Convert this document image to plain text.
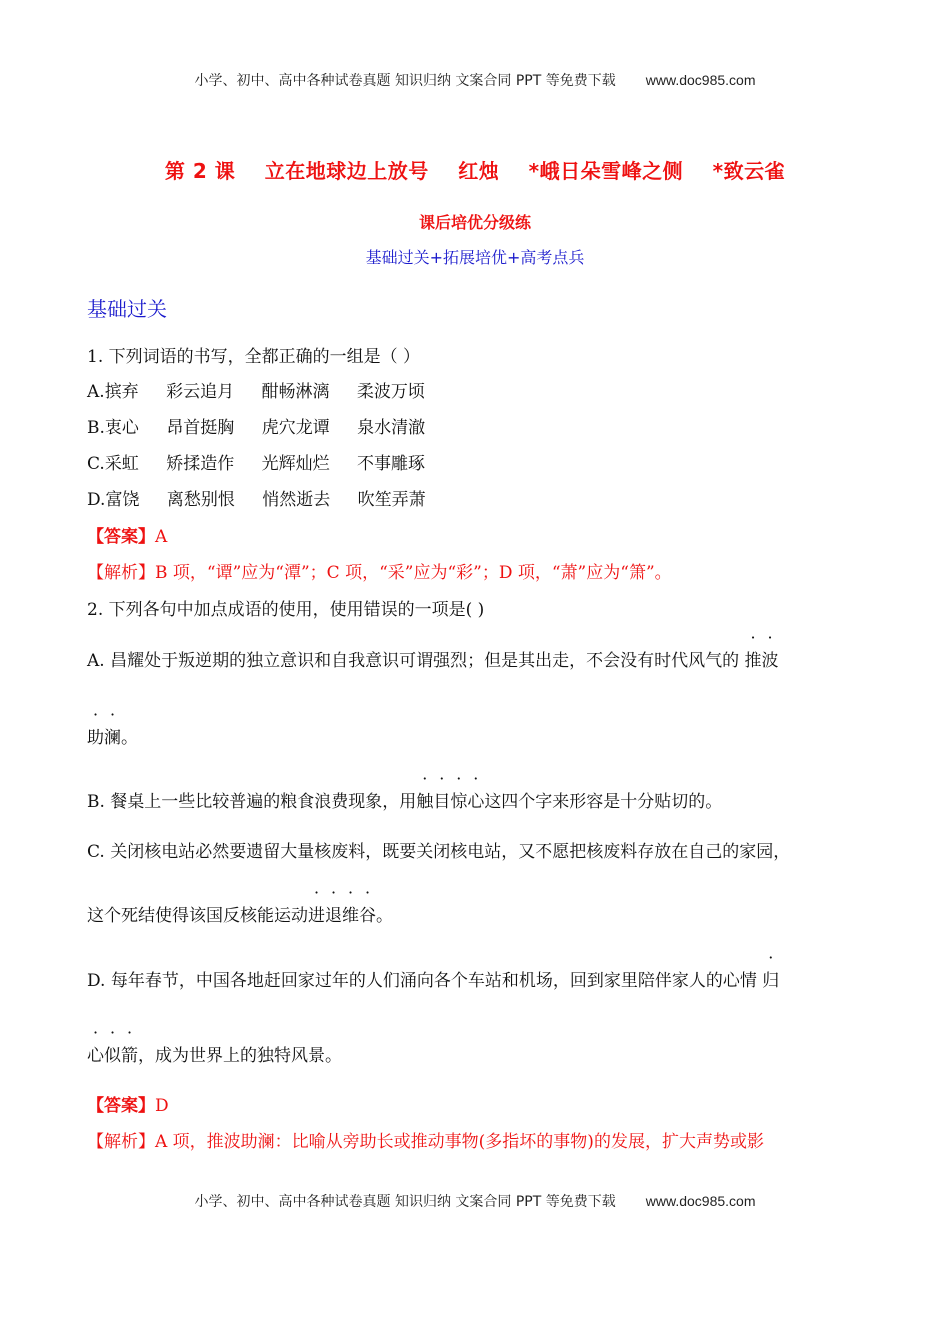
小学、初中、高中各种试卷真题 知识归纳 文案合同 PPT 等免费下载 www.doc985.com
第 2 课 立在地球边上放号 红烛 *峨日朵雪峰之侧 *致云雀
课后培优分级练
基础过关+拓展培优+高考点兵
基础过关
1. 下列词语的书写，全都正确的一组是（ ）
A.摈弃 彩云追月 酣畅淋漓 柔波万顷
B.衷心 昂首挺胸 虎穴龙谭 泉水清澈
C.采虹 矫揉造作 光辉灿烂 不事雕琢
D.富饶 离愁别恨 悄然逝去 吹笙弄萧
【答案】A
【解析】B 项，“谭”应为“潭”；C 项，“采”应为“彩”；D 项，“萧”应为“箫”。
2. 下列各句中加点成语的使用，使用错误的一项是( )
A. 昌耀处于叛逆期的独立意识和自我意识可谓强烈；但是其出走，不会没有时代风气的 推波
助澜。
B. 餐桌上一些比较普遍的粮食浪费现象，用触目惊心这四个字来形容是十分贴切的。
C. 关闭核电站必然要遗留大量核废料，既要关闭核电站，又不愿把核废料存放在自己的家园，
这个死结使得该国反核能运动进退维谷。
D. 每年春节，中国各地赶回家过年的人们涌向各个车站和机场，回到家里陪伴家人的心情 归
心似箭，成为世界上的独特风景。
【答案】D
【解析】A 项，推波助澜：比喻从旁助长或推动事物(多指坏的事物)的发展，扩大声势或影
小学、初中、高中各种试卷真题 知识归纳 文案合同 PPT 等免费下载 www.doc985.com
